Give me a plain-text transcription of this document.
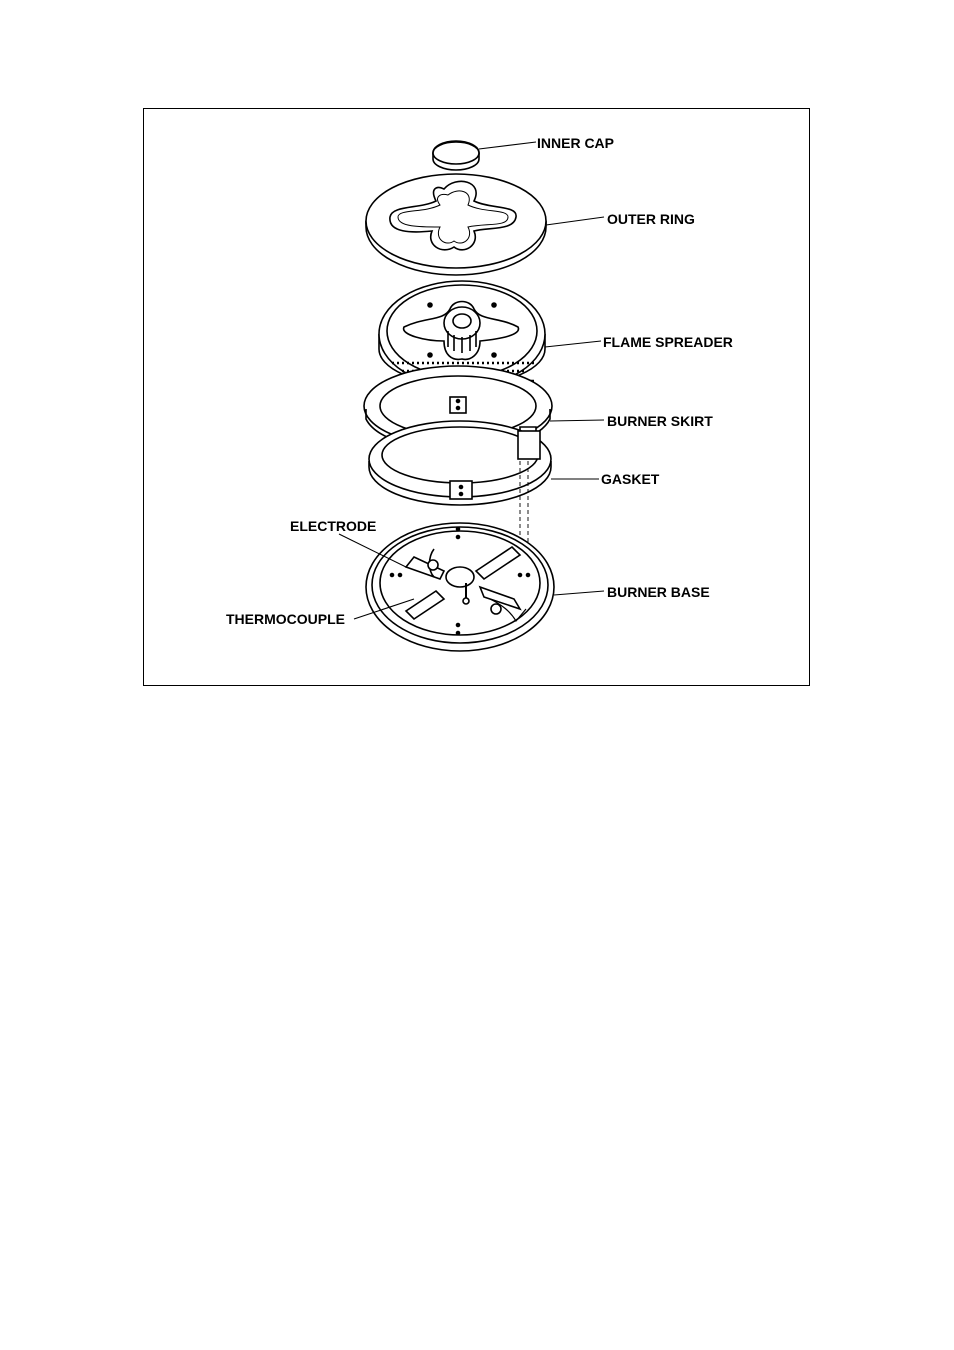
INNER CAP
OUTER RING
FLAME SPREADER
BURNER SKIRT
GASKET
ELECTRODE
BURNER BASE
THERMOCOUPLE
